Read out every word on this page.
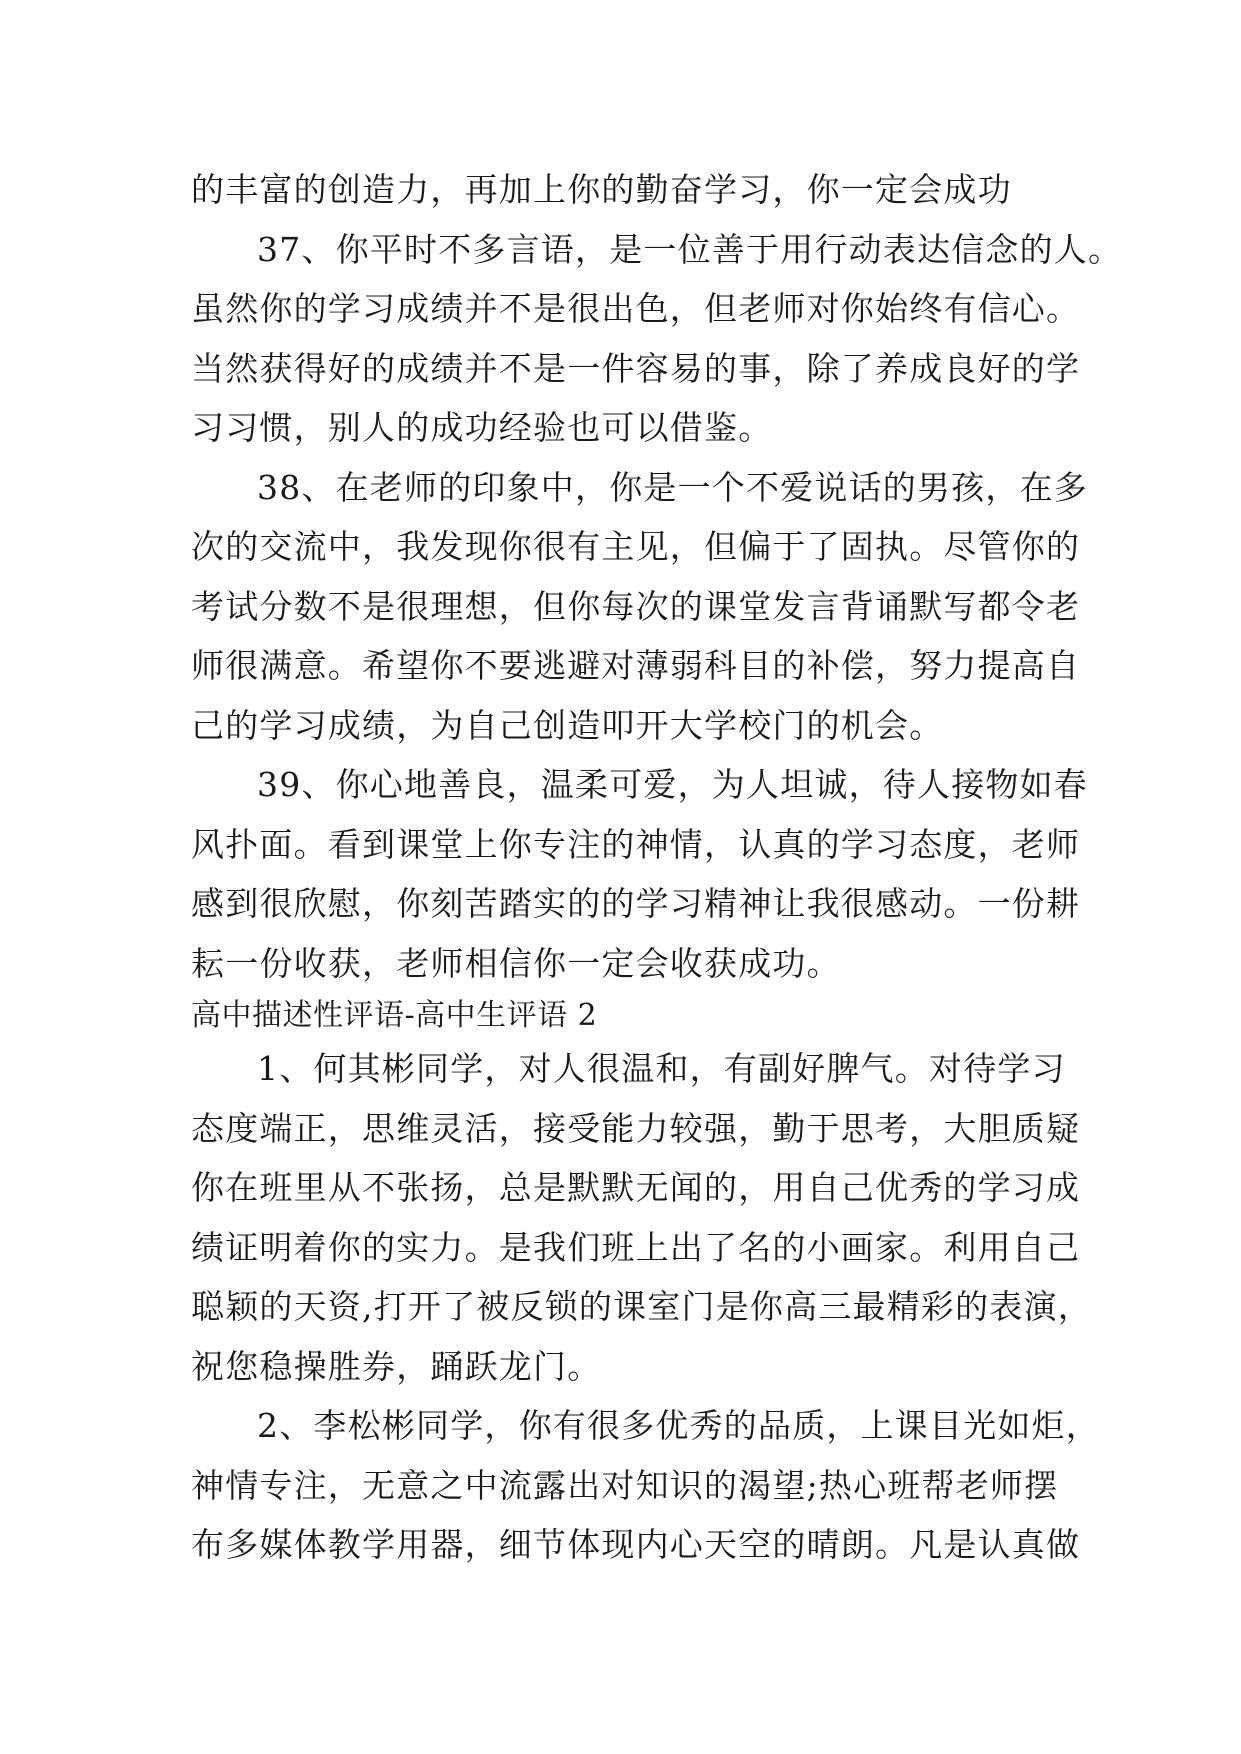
的丰富的创造力，再加上你的勤奋学习，你一定会成功
37、你平时不多言语，是一位善于用行动表达信念的人。
虽然你的学习成绩并不是很出色，但老师对你始终有信心。
当然获得好的成绩并不是一件容易的事，除了养成良好的学
习习惯，别人的成功经验也可以借鉴。
38、在老师的印象中，你是一个不爱说话的男孩，在多
次的交流中，我发现你很有主见，但偏于了固执。尽管你的
考试分数不是很理想，但你每次的课堂发言背诵默写都令老
师很满意。希望你不要逃避对薄弱科目的补偿，努力提高自
己的学习成绩，为自己创造叩开大学校门的机会。
39、你心地善良，温柔可爱，为人坦诚，待人接物如春
风扑面。看到课堂上你专注的神情，认真的学习态度，老师
感到很欣慰，你刻苦踏实的的学习精神让我很感动。一份耕
耘一份收获，老师相信你一定会收获成功。
高中描述性评语-高中生评语 2
1、何其彬同学，对人很温和，有副好脾气。对待学习
态度端正，思维灵活，接受能力较强，勤于思考，大胆质疑
你在班里从不张扬，总是默默无闻的，用自己优秀的学习成
绩证明着你的实力。是我们班上出了名的小画家。利用自己
聪颖的天资,打开了被反锁的课室门是你高三最精彩的表演，
祝您稳操胜券，踊跃龙门。
2、李松彬同学，你有很多优秀的品质，上课目光如炬，
神情专注，无意之中流露出对知识的渴望;热心班帮老师摆
布多媒体教学用器，细节体现内心天空的晴朗。凡是认真做
